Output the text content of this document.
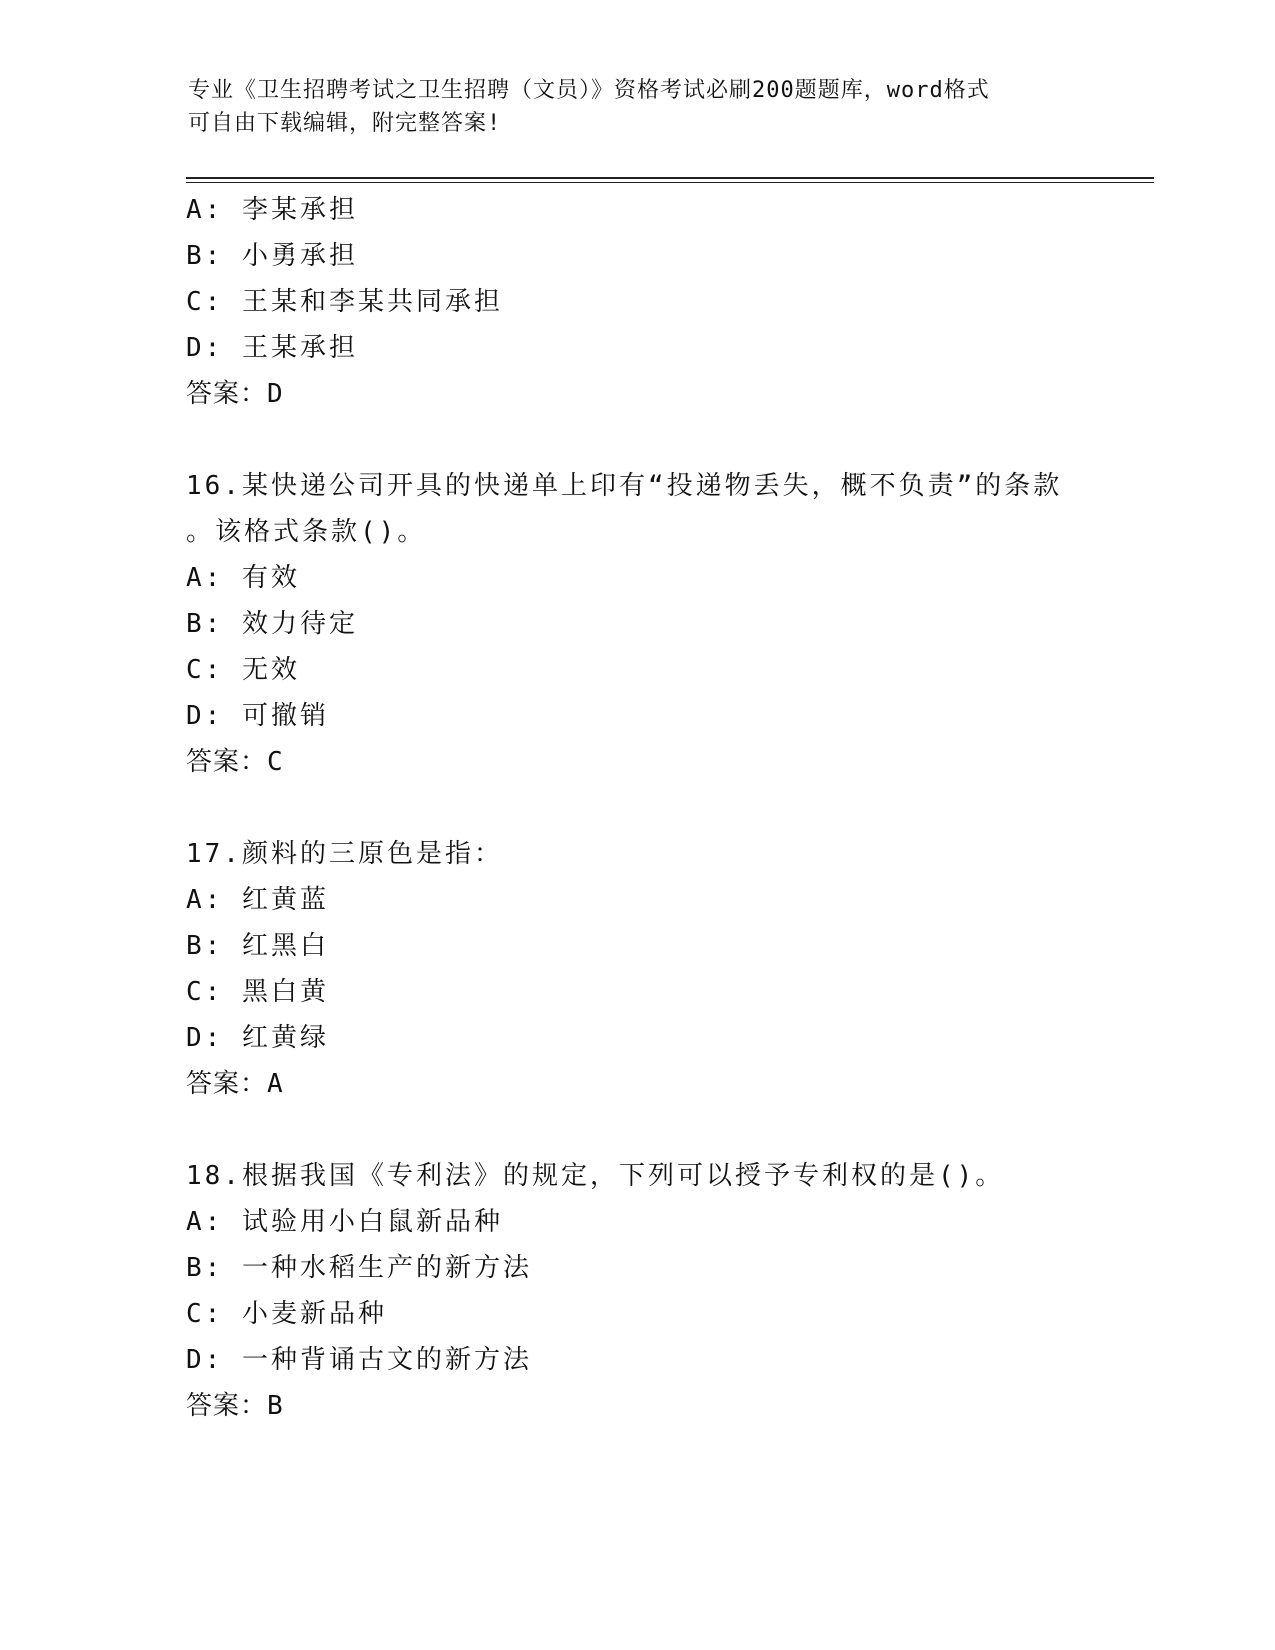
专业《卫生招聘考试之卫生招聘（文员）》资格考试必刷200题题库，word格式
可自由下载编辑，附完整答案!
A: 李某承担
B: 小勇承担
C: 王某和李某共同承担
D: 王某承担
答案：D
16.某快递公司开具的快递单上印有“投递物丢失，概不负责”的条款
。该格式条款()。
A: 有效
B: 效力待定
C: 无效
D: 可撤销
答案：C
17.颜料的三原色是指：
A: 红黄蓝
B: 红黑白
C: 黑白黄
D: 红黄绿
答案：A
18.根据我国《专利法》的规定，下列可以授予专利权的是()。
A: 试验用小白鼠新品种
B: 一种水稻生产的新方法
C: 小麦新品种
D: 一种背诵古文的新方法
答案：B
